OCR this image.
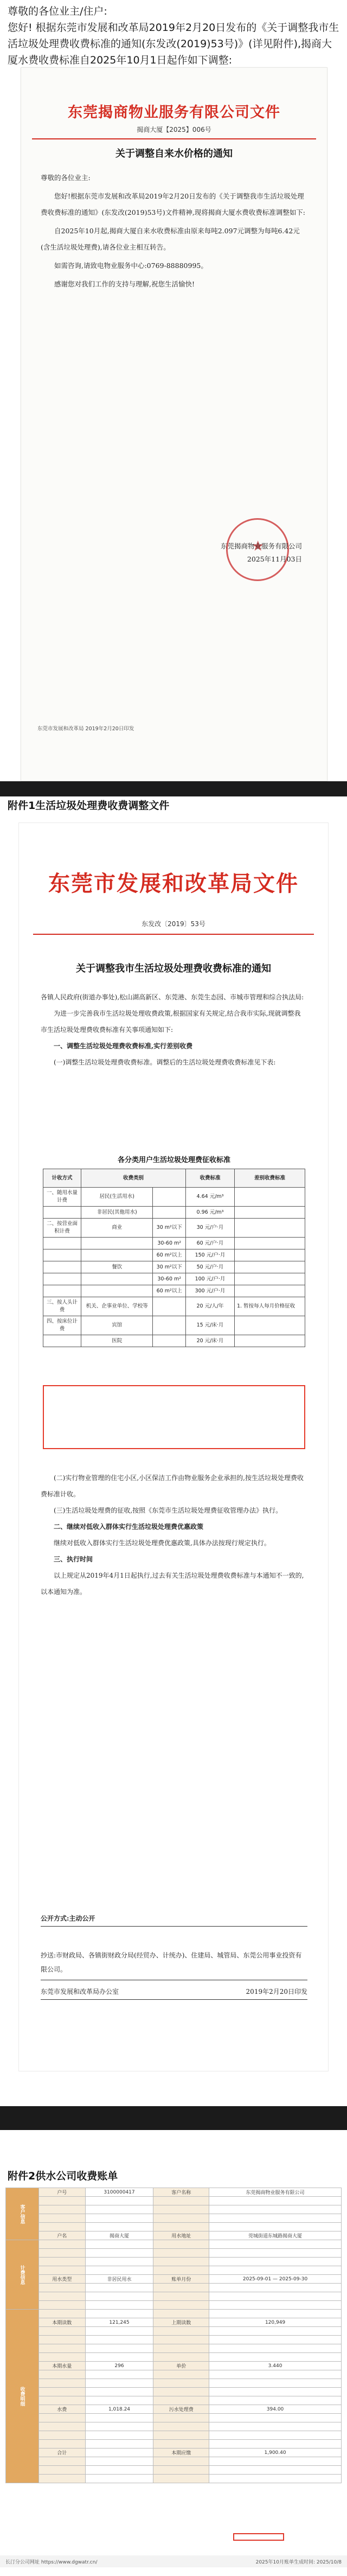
尊敬的各位业主/住户:

您好! 根据东莞市发展和改革局2019年2月20日发布的《关于调整我市生活垃圾处理费收费标准的通知(东发改(2019)53号)》(详见附件),揭商大厦水费收费标准自2025年10月1日起作如下调整:

东莞揭商物业服务有限公司文件
揭商大厦【2025】006号
关于调整自来水价格的通知

尊敬的各位业主:

您好!根据东莞市发展和改革局2019年2月20日发布的《关于调整我市生活垃圾处理费收费标准的通知》(东发改(2019)53号)文件精神,现将揭商大厦水费收费标准调整如下:

自2025年10月起,揭商大厦自来水收费标准由原来每吨2.097元调整为每吨6.42元(含生活垃圾处理费),请各位业主相互转告。

如需咨询,请致电物业服务中心:0769-88880995。

感谢您对我们工作的支持与理解,祝您生活愉快!

★
东莞揭商物业服务有限公司
2025年11月03日
东莞市发展和改革局 2019年2月20日印发
附件1生活垃圾处理费收费调整文件
东莞市发展和改革局文件
东发改〔2019〕53号
关于调整我市生活垃圾处理费收费标准的通知

各镇人民政府(街道办事处),松山湖高新区、东莞港、东莞生态园、市城市管理和综合执法局:

为进一步完善我市生活垃圾处理收费政策,根据国家有关规定,结合我市实际,现就调整我市生活垃圾处理费收费标准有关事项通知如下:

一、调整生活垃圾处理费收费标准,实行差别收费

(一)调整生活垃圾处理费收费标准。调整后的生活垃圾处理费收费标准见下表:

各分类用户生活垃圾处理费征收标准
计收方式	收费类别		收费标准	差别收费标准
一、随用水量计费	居民(生活用水)		4.64 元/m³	
	非居民(其他用水)		0.96 元/m³	
二、按营业面积计费	商业	30 m²以下	30 元/户·月	
		30-60 m²	60 元/户·月	
		60 m²以上	150 元/户·月	
	餐饮	30 m²以下	50 元/户·月	
		30-60 m²	100 元/户·月	
		60 m²以上	300 元/户·月	
三、按人头计费	机关、企事业单位、学校等		20 元/人/年	1. 暂按每人每月价格征收
四、按床位计费	宾馆		15 元/床·月	
	医院		20 元/床·月	

(二)实行物业管理的住宅小区,小区保洁工作由物业服务企业承担的,按生活垃圾处理费收费标准计收。

(三)生活垃圾处理费的征收,按照《东莞市生活垃圾处理费征收管理办法》执行。

二、继续对低收入群体实行生活垃圾处理费优惠政策

继续对低收入群体实行生活垃圾处理费优惠政策,具体办法按现行规定执行。

三、执行时间

以上规定从2019年4月1日起执行,过去有关生活垃圾处理费收费标准与本通知不一致的,以本通知为准。

公开方式:主动公开
抄送:市财政局、各镇街财政分局(经贸办、计统办)、住建局、城管局、东莞公用事业投资有限公司。
东莞市发展和改革局办公室	2019年2月20日印发
附件2供水公司收费账单
客户信息	户号	3100000417	客户名称	东莞揭商物业服务有限公司

	户名	揭商大厦	用水地址	莞城街道东城路揭商大厦
计费信息				

	用水类型	非居民用水	账单月份	2025-09-01 — 2025-09-30

收费明细				
	本期读数	121,245	上期读数	120,949

	本期水量	296	单价	3.440

	水费	1,018.24	污水处理费	394.00

	合计		本期应缴	1,900.40

长汀分公司网址 https://www.dgwatr.cn/	2025年10月账单生成时间: 2025/10/8
